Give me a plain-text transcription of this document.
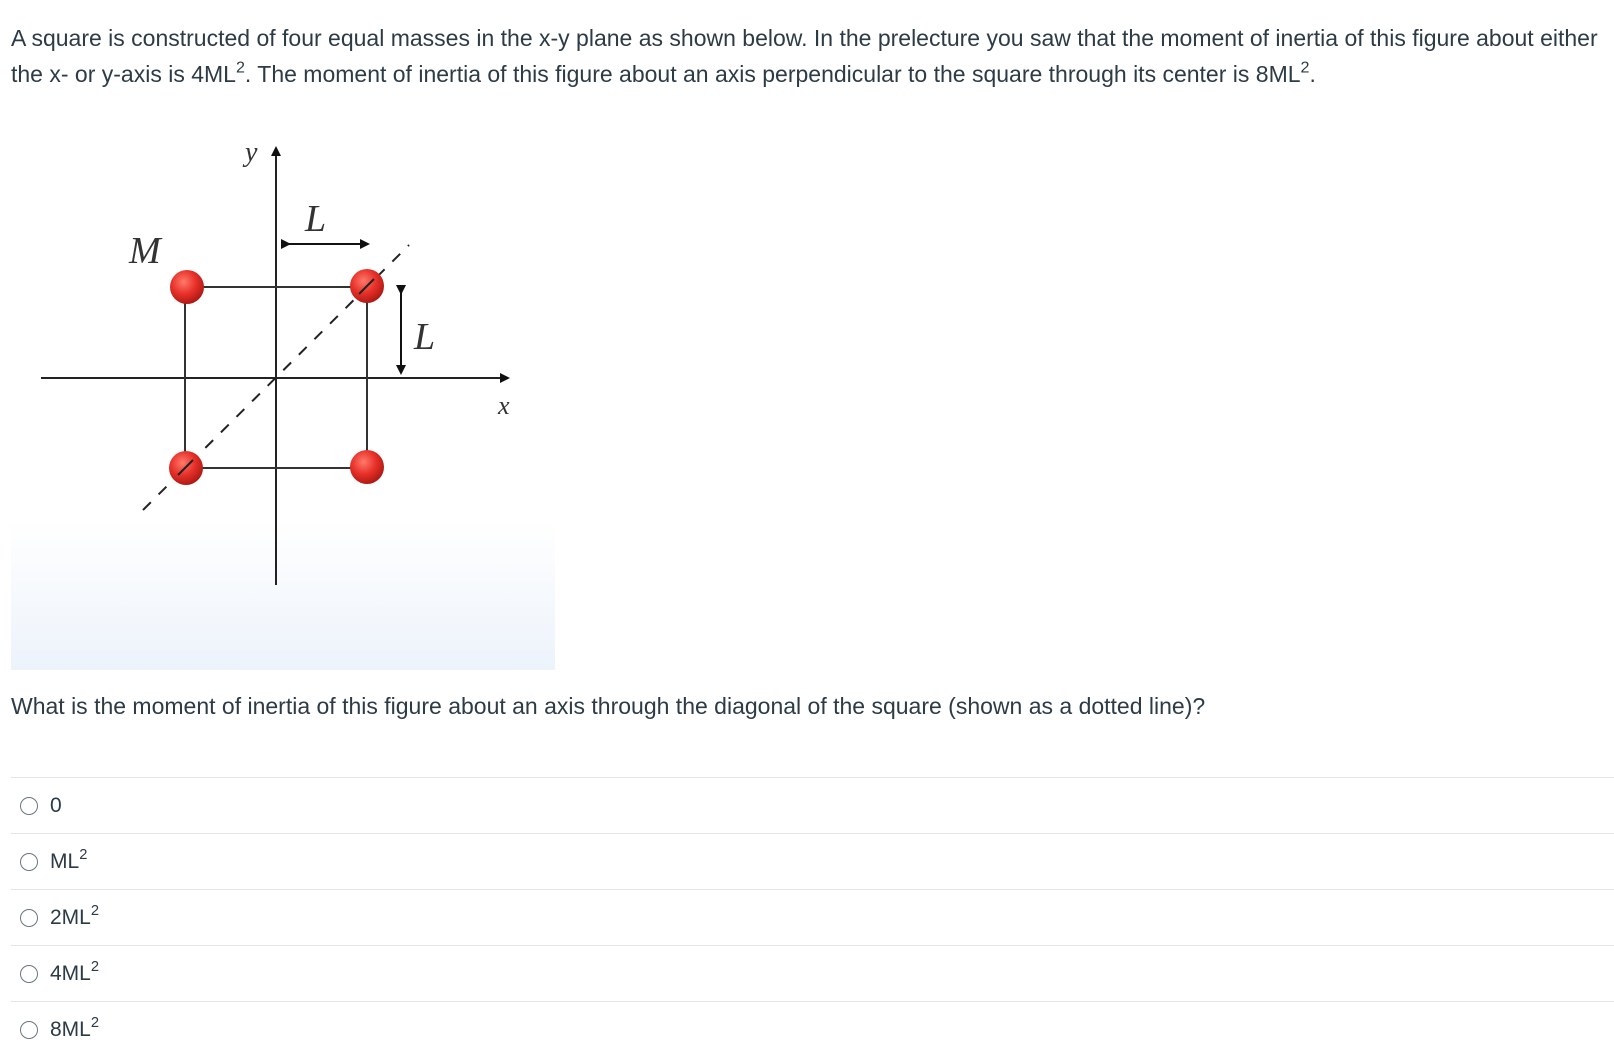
A square is constructed of four equal masses in the x-y plane as shown below. In the prelecture you saw that the moment of inertia of this figure about either the x- or y-axis is $4ML^2$. The moment of inertia of this figure about an axis perpendicular to the square through its center is $8ML^2$.

y
x
M
L
L

What is the moment of inertia of this figure about an axis through the diagonal of the square (shown as a dotted line)?

0
$ML^2$
$2ML^2$
$4ML^2$
$8ML^2$
